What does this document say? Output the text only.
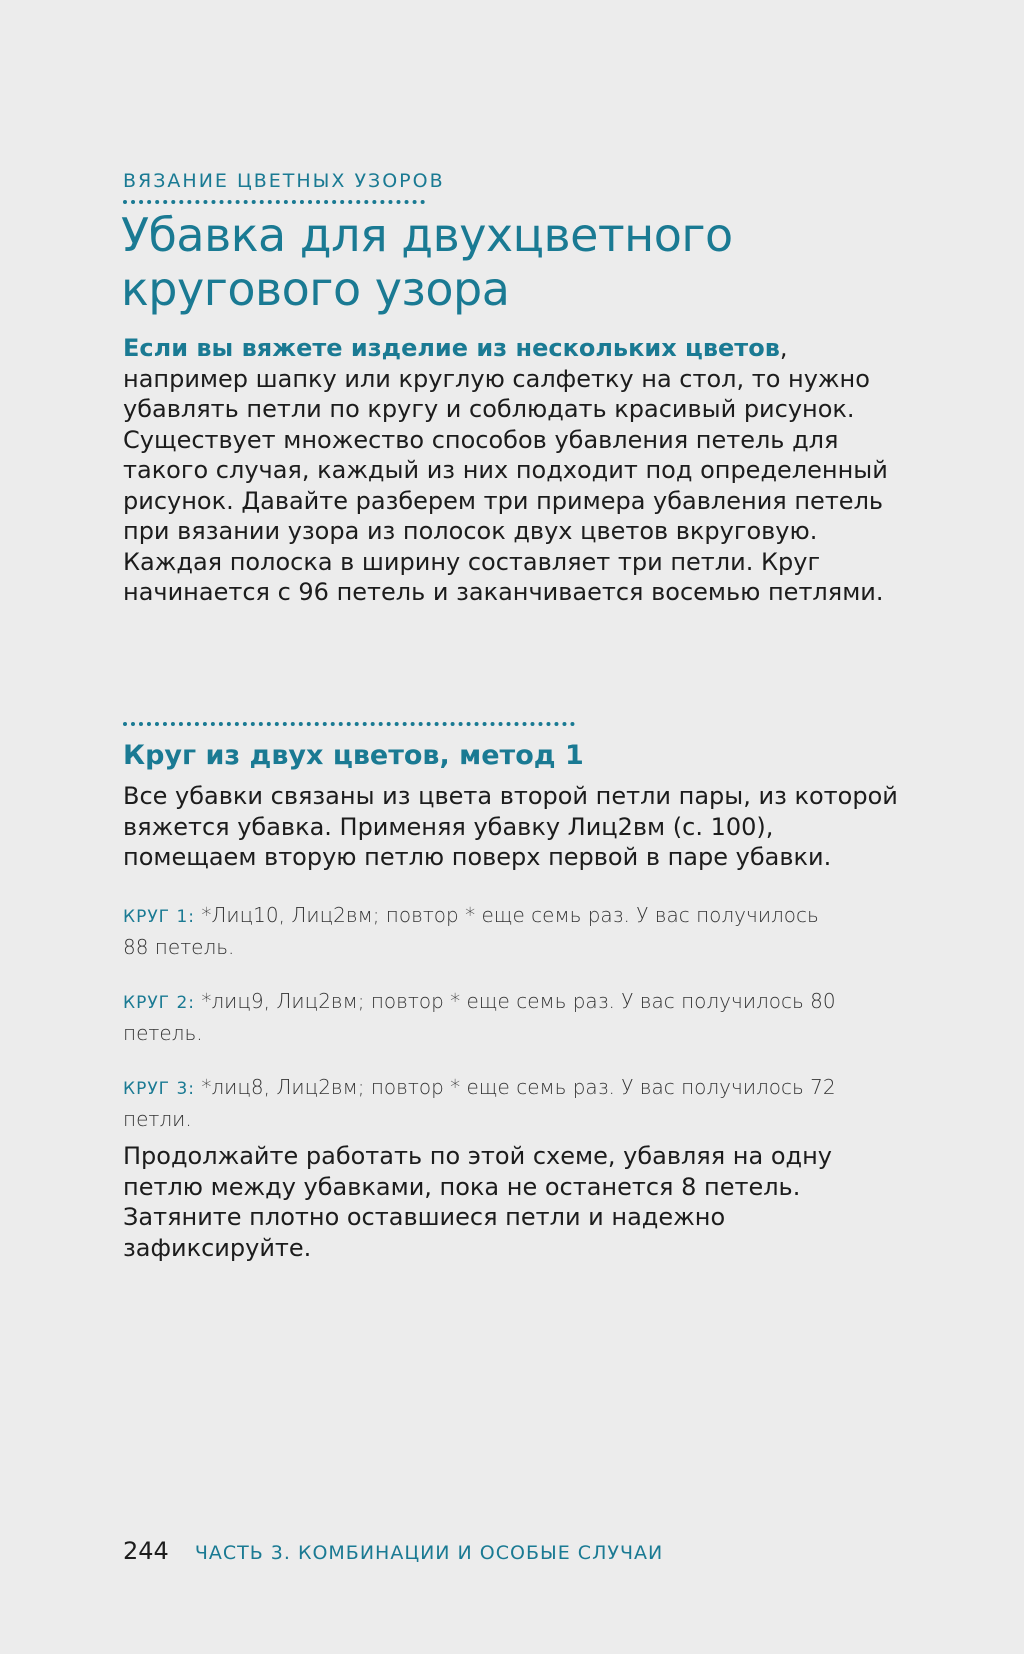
ВЯЗАНИЕ ЦВЕТНЫХ УЗОРОВ
Убавка для двухцветного кругового узора

Если вы вяжете изделие из нескольких цветов, например шапку или круглую салфетку на стол, то нужно убавлять петли по кругу и соблюдать красивый рисунок. Существует множество способов убавления петель для такого случая, каждый из них подходит под определенный рисунок. Давайте разберем три примера убавления петель при вязании узора из полосок двух цветов вкруговую. Каждая полоска в ширину составляет три петли. Круг начинается с 96 петель и заканчивается восемью петлями.

Круг из двух цветов, метод 1

Все убавки связаны из цвета второй петли пары, из которой вяжется убавка. Применяя убавку Лиц2вм (с. 100), помещаем вторую петлю поверх первой в паре убавки.

КРУГ 1: *Лиц10, Лиц2вм; повтор * еще семь раз. У вас получилось 88 петель.

КРУГ 2: *лиц9, Лиц2вм; повтор * еще семь раз. У вас получилось 80 петель.

КРУГ 3: *лиц8, Лиц2вм; повтор * еще семь раз. У вас получилось 72 петли.

Продолжайте работать по этой схеме, убавляя на одну петлю между убавками, пока не останется 8 петель. Затяните плотно оставшиеся петли и надежно зафиксируйте.

244 ЧАСТЬ 3. КОМБИНАЦИИ И ОСОБЫЕ СЛУЧАИ
